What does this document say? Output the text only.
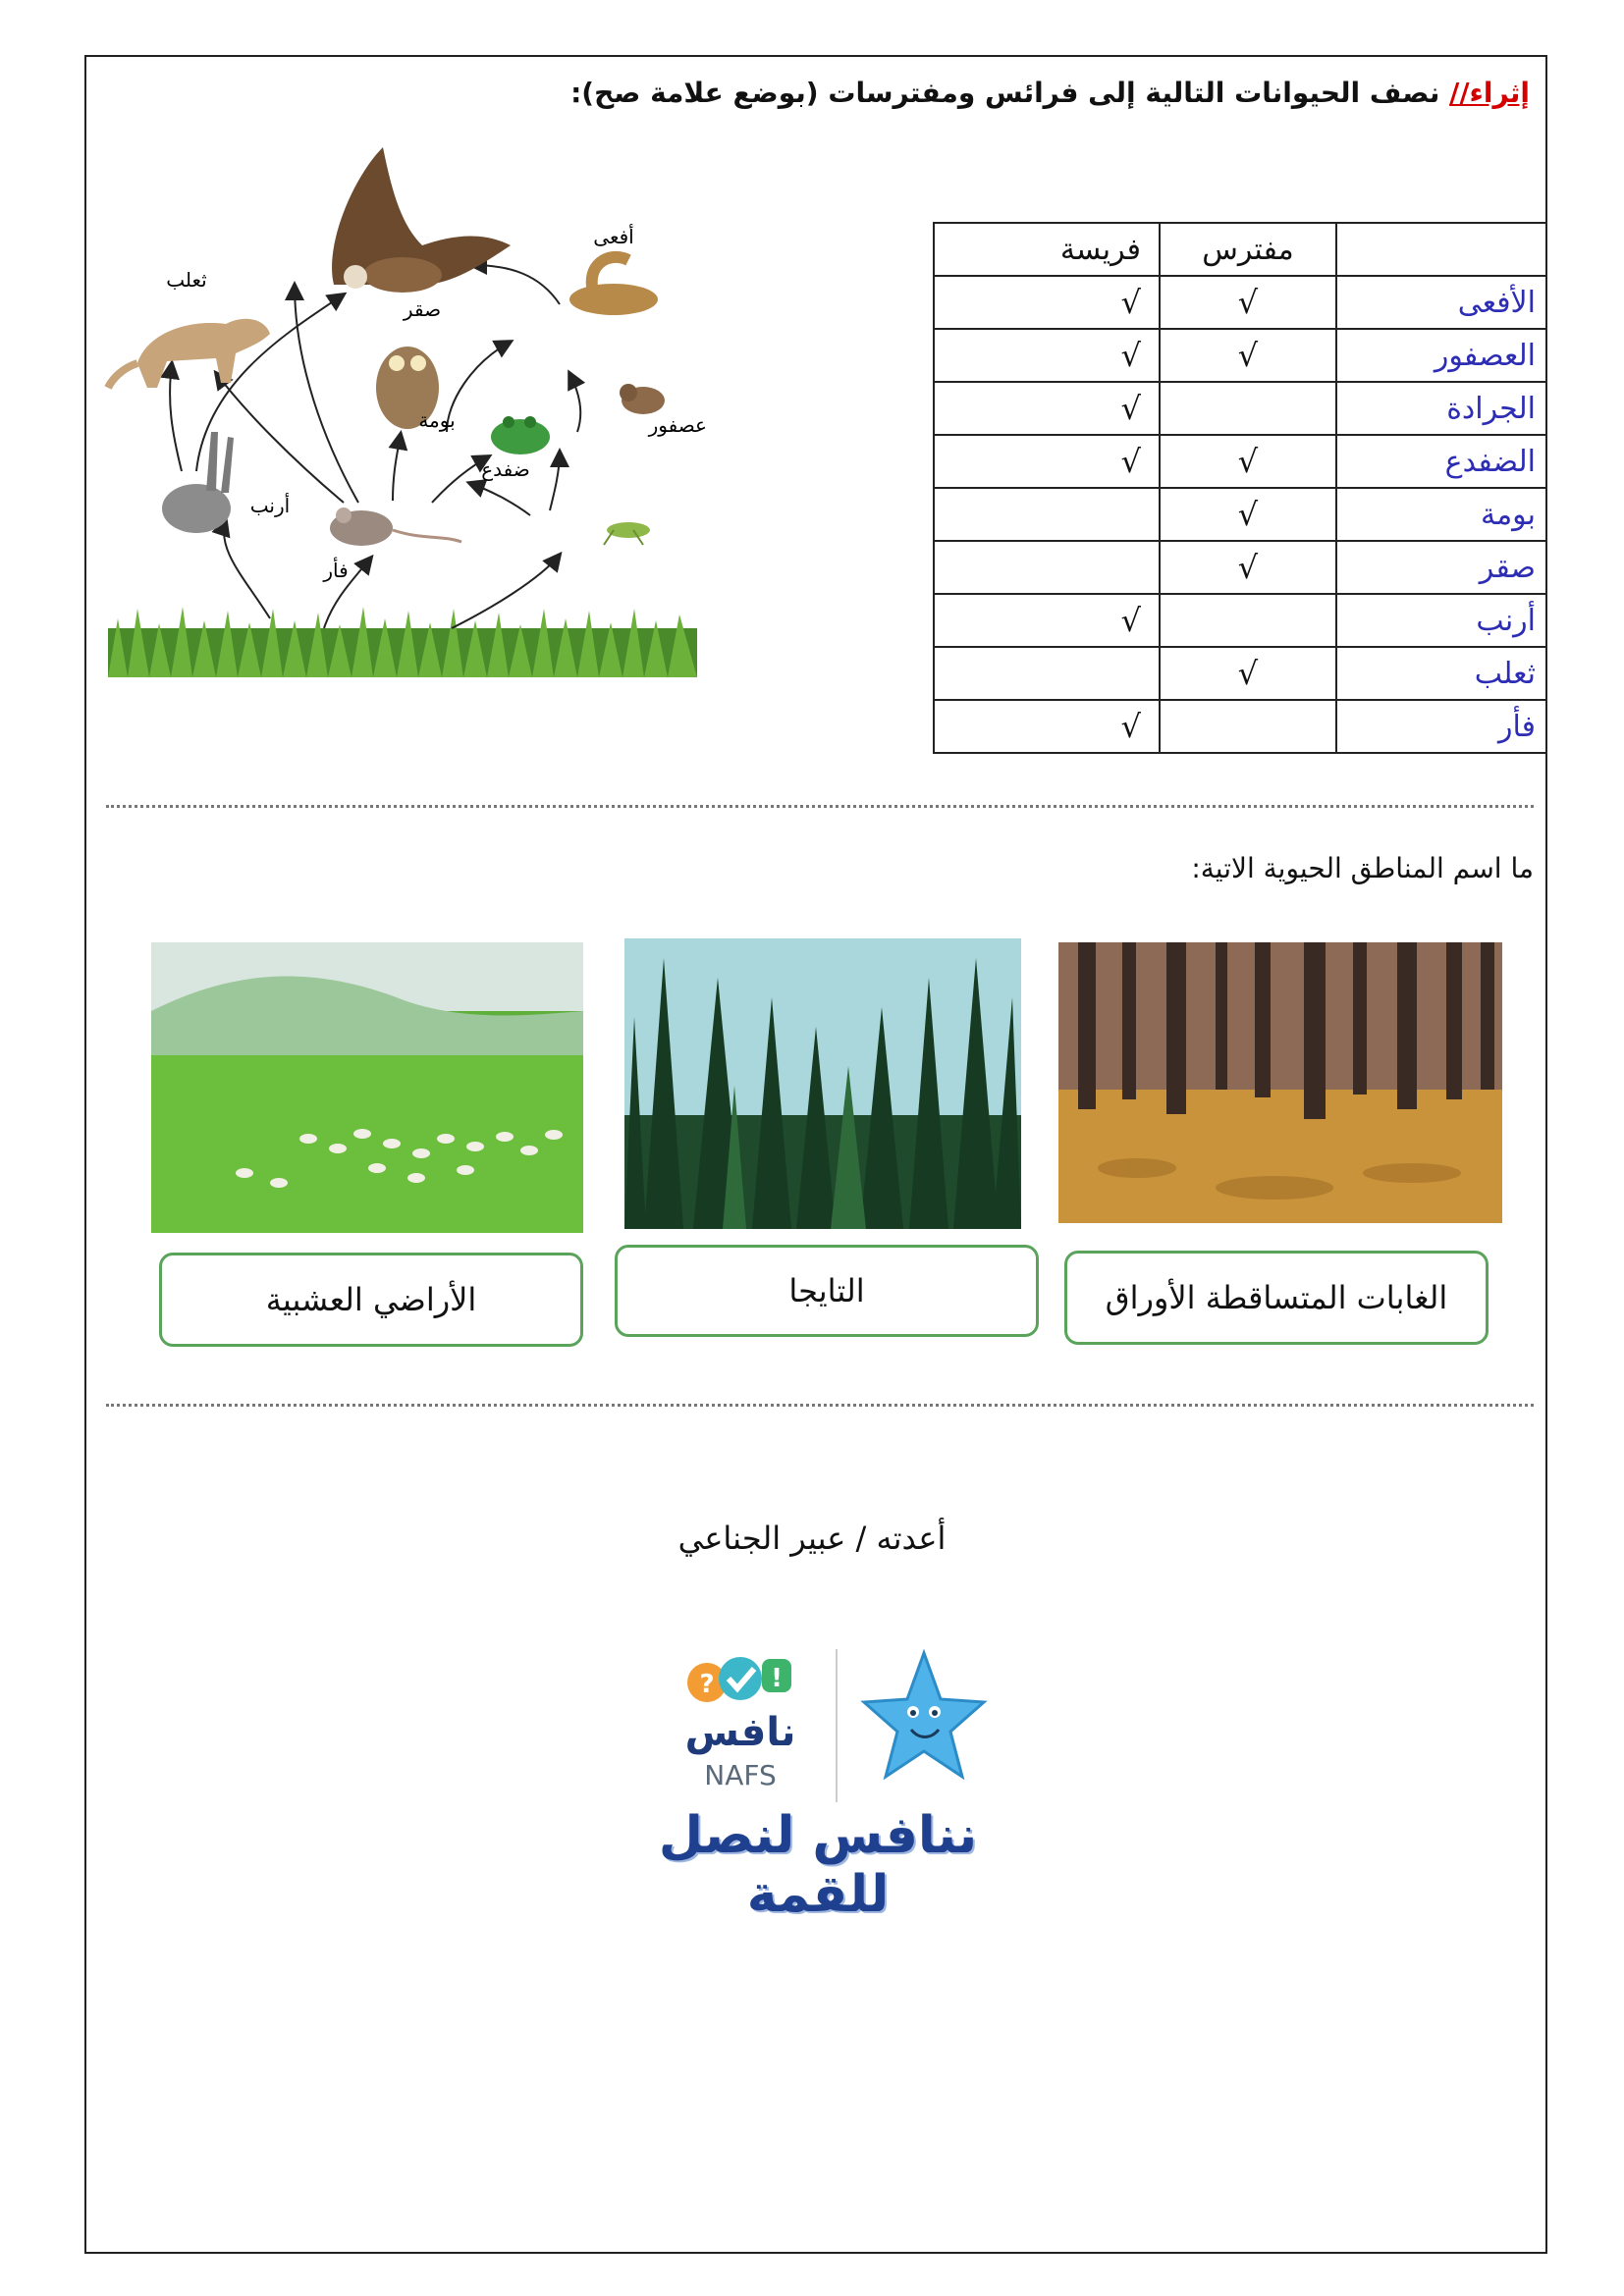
إثراء// نصف الحيوانات التالية إلى فرائس ومفترسات (بوضع علامة صح):
صقر
ثعلب
أفعى
بومة	عصفور
ضفدع
أرنب
فأر
فريسة	مفترس	
√	√	الأفعى
√	√	العصفور
√		الجرادة
√	√	الضفدع
	√	بومة
	√	صقر
√		أرنب
	√	ثعلب
√		فأر
ما اسم المناطق الحيوية الاتية:
الأراضي العشبية	التايجا	الغابات المتساقطة الأوراق
أعدته / عبير الجناعي
!
?
نافس
NAFS
ننافس لنصل للقمة
